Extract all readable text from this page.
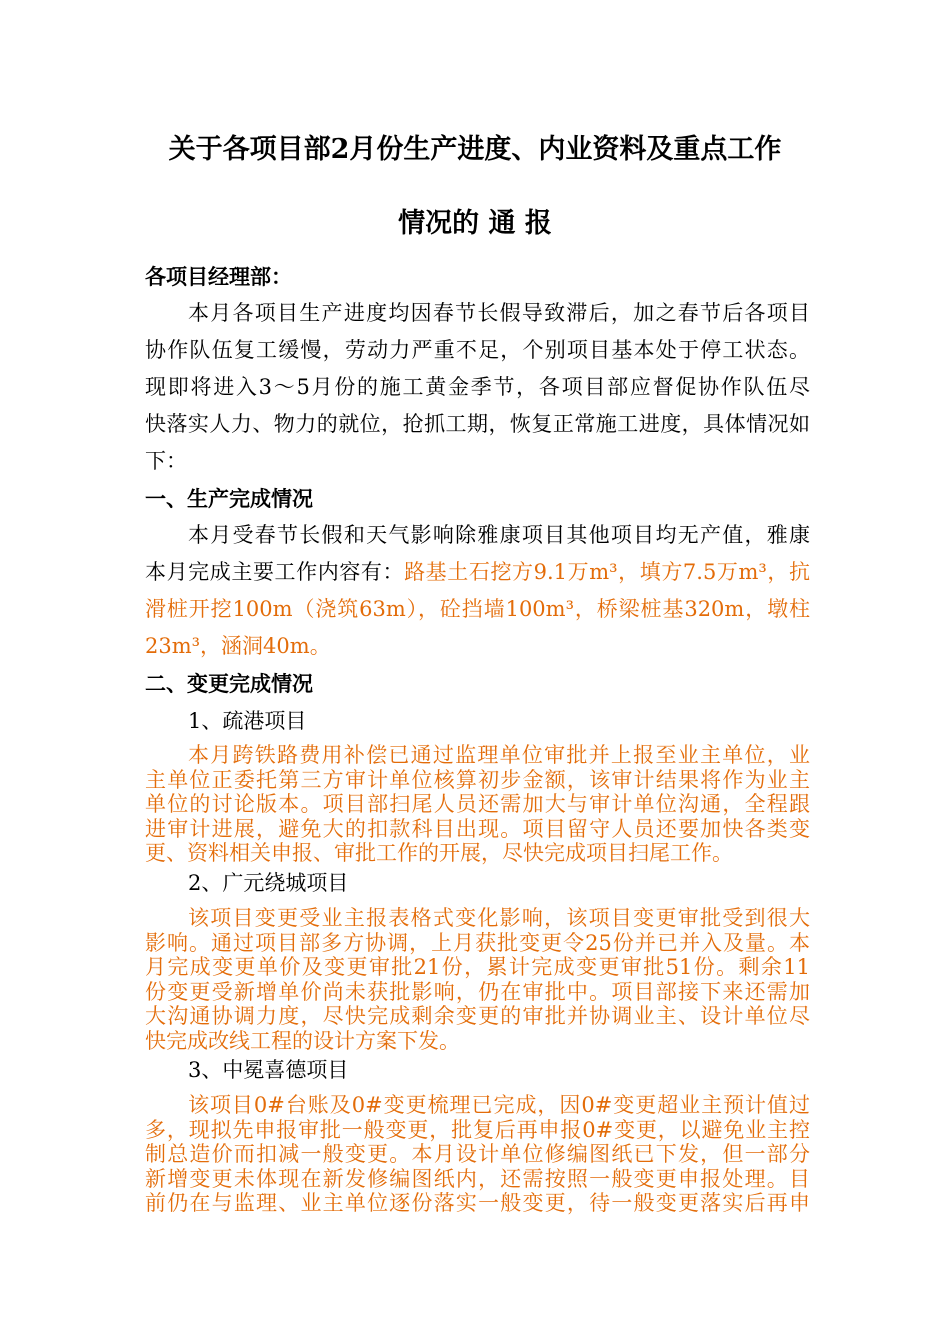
关于各项目部2月份生产进度、内业资料及重点工作
情况的 通 报
各项目经理部：
本月各项目生产进度均因春节长假导致滞后，加之春节后各项目
协作队伍复工缓慢，劳动力严重不足，个别项目基本处于停工状态。
现即将进入3～5月份的施工黄金季节，各项目部应督促协作队伍尽
快落实人力、物力的就位，抢抓工期，恢复正常施工进度，具体情况如
下：
一、生产完成情况
本月受春节长假和天气影响除雅康项目其他项目均无产值，雅康
本月完成主要工作内容有：路基土石挖方9.1万m³，填方7.5万m³，抗
滑桩开挖100m（浇筑63m），砼挡墙100m³，桥梁桩基320m，墩柱
23m³，涵洞40m。
二、变更完成情况
1、疏港项目
本月跨铁路费用补偿已通过监理单位审批并上报至业主单位，业
主单位正委托第三方审计单位核算初步金额，该审计结果将作为业主
单位的讨论版本。项目部扫尾人员还需加大与审计单位沟通，全程跟
进审计进展，避免大的扣款科目出现。项目留守人员还要加快各类变
更、资料相关申报、审批工作的开展，尽快完成项目扫尾工作。
2、广元绕城项目
该项目变更受业主报表格式变化影响，该项目变更审批受到很大
影响。通过项目部多方协调，上月获批变更令25份并已并入及量。本
月完成变更单价及变更审批21份，累计完成变更审批51份。剩余11
份变更受新增单价尚未获批影响，仍在审批中。项目部接下来还需加
大沟通协调力度，尽快完成剩余变更的审批并协调业主、设计单位尽
快完成改线工程的设计方案下发。
3、中冕喜德项目
该项目0#台账及0#变更梳理已完成，因0#变更超业主预计值过
多，现拟先申报审批一般变更，批复后再申报0#变更，以避免业主控
制总造价而扣减一般变更。本月设计单位修编图纸已下发，但一部分
新增变更未体现在新发修编图纸内，还需按照一般变更申报处理。目
前仍在与监理、业主单位逐份落实一般变更，待一般变更落实后再申
